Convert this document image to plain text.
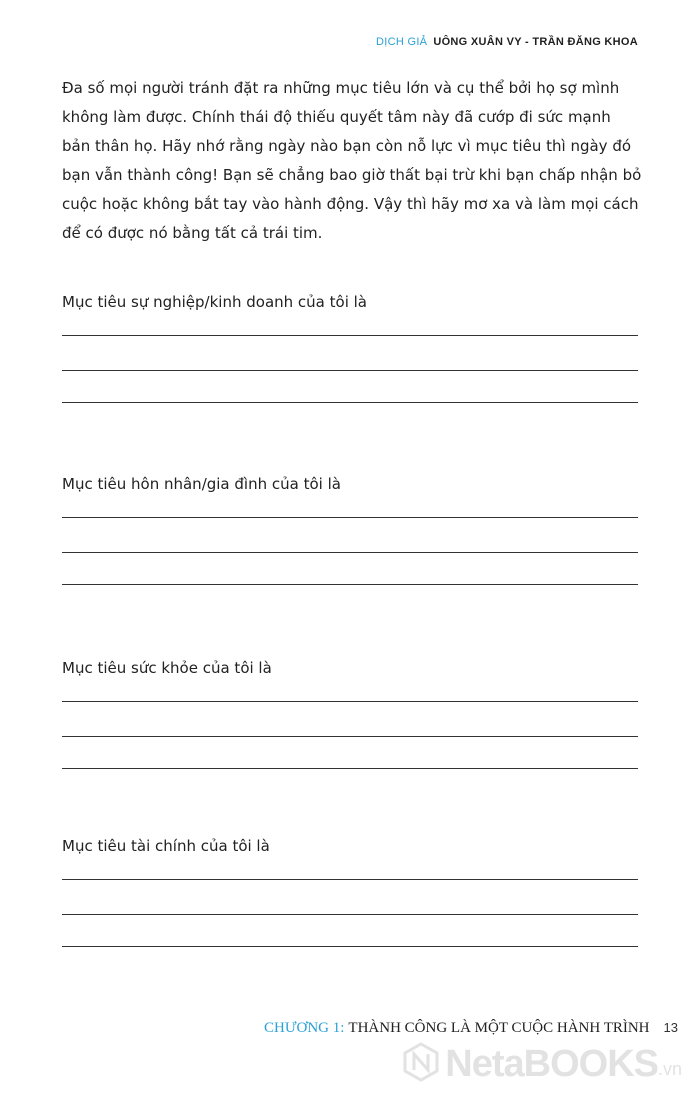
DỊCH GIẢ UÔNG XUÂN VY - TRẦN ĐĂNG KHOA

Đa số mọi người tránh đặt ra những mục tiêu lớn và cụ thể bởi họ sợ mình không làm được. Chính thái độ thiếu quyết tâm này đã cướp đi sức mạnh bản thân họ. Hãy nhớ rằng ngày nào bạn còn nỗ lực vì mục tiêu thì ngày đó bạn vẫn thành công! Bạn sẽ chẳng bao giờ thất bại trừ khi bạn chấp nhận bỏ cuộc hoặc không bắt tay vào hành động. Vậy thì hãy mơ xa và làm mọi cách để có được nó bằng tất cả trái tim.

Mục tiêu sự nghiệp/kinh doanh của tôi là

Mục tiêu hôn nhân/gia đình của tôi là

Mục tiêu sức khỏe của tôi là

Mục tiêu tài chính của tôi là

CHƯƠNG 1: THÀNH CÔNG LÀ MỘT CUỘC HÀNH TRÌNH 13
NetaBOOKS .vn
